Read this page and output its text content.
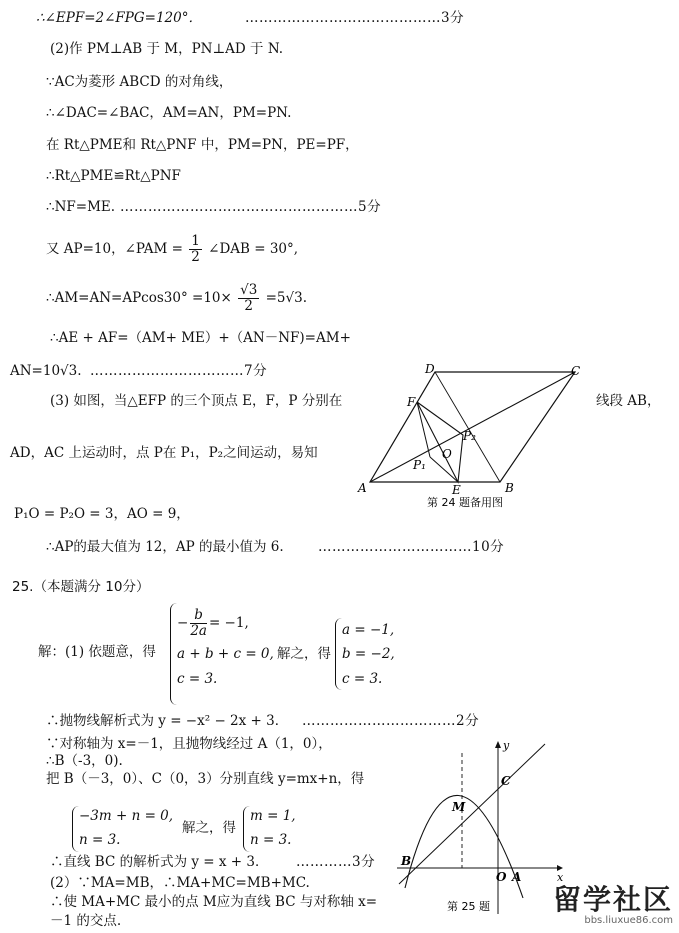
∴∠EPF=2∠FPG=120°．	……………………………………3分
(2)作 PM⊥AB 于 M，PN⊥AD 于 N.
∵AC为菱形 ABCD 的对角线，
∴∠DAC=∠BAC，AM=AN，PM=PN.
在 Rt△PME和 Rt△PNF 中，PM=PN，PE=PF，
∴Rt△PME≌Rt△PNF
∴NF=ME. ……………………………………………5分
又 AP=10，∠PAM = $\frac{1}{2}$ ∠DAB = 30°,
∴AM=AN=APcos30° $=10\times \frac{√3}{2} =5√3$.
∴AE + AF=（AM+ ME）+（AN－NF)=AM+
AN=10√3. ……………………………7分
(3) 如图，当△EFP 的三个顶点 E，F，P 分别在	线段 AB，
AD，AC 上运动时，点 P在 P₁，P₂之间运动，易知
P₁O = P₂O = 3，AO = 9，
∴AP的最大值为 12，AP 的最小值为 6.	……………………………10分
A	B
C
D
E
F
O
P₁
P₂
第 24 题备用图
25.（本题满分 10分）
解：(1) 依题意，得
− $\frac{b}{2a} = -1$,
a + b + c = 0,
c = 3.
解之，得
a = −1,
b = −2,
c = 3.
∴抛物线解析式为 y = −x² − 2x + 3． ……………………………2分
∵对称轴为 x=－1，且抛物线经过 A（1，0），
∴B（-3，0).
把 B（－3，0）、C（0，3）分别直线 y=mx+n，得
−3m + n = 0,
n = 3.
解之，得
m = 1,
n = 3.
∴直线 BC 的解析式为 y = x + 3． …………3分
(2）∵MA=MB，∴MA+MC=MB+MC.
∴使 MA+MC 最小的点 M应为直线 BC 与对称轴 x=
－1 的交点.
B
C
M
O A	x
y
第 25 题 留学社区
bbs.liuxue86.com
